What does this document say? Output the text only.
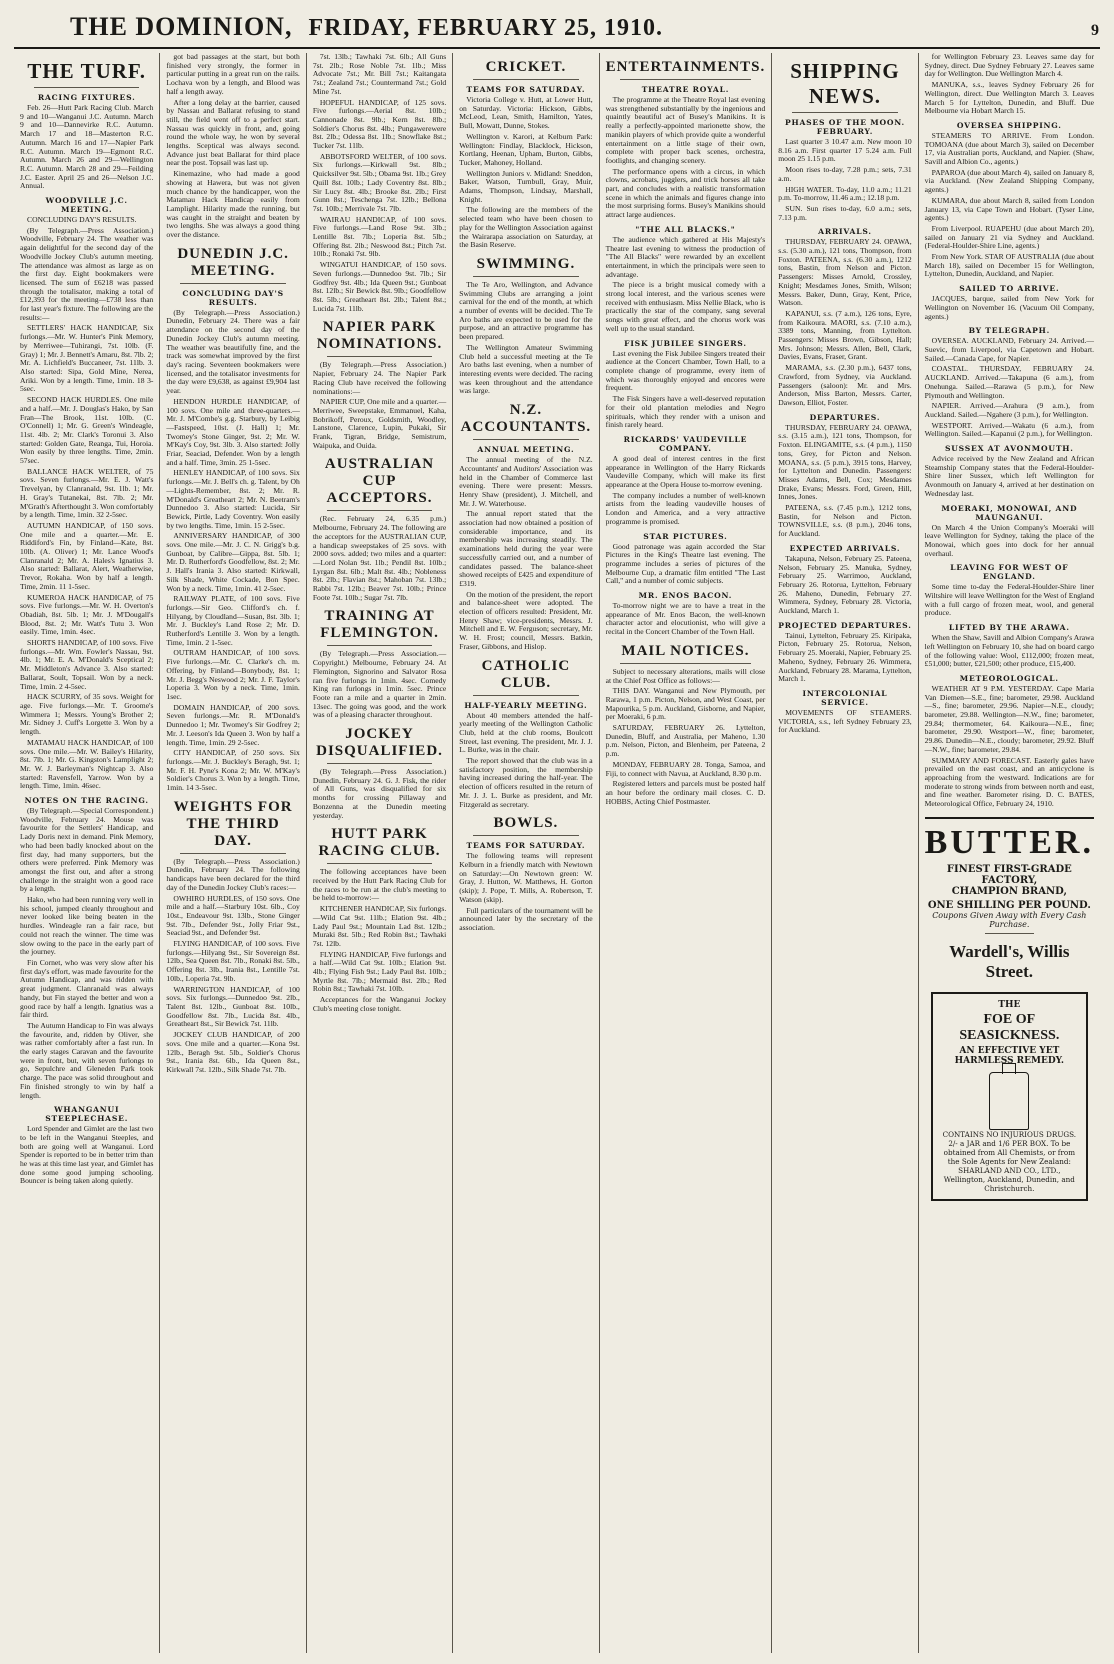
THE DOMINION, FRIDAY, FEBRUARY 25, 1910.	9
THE TURF.
RACING FIXTURES.

Feb. 26—Hutt Park Racing Club. March 9 and 10—Wanganui J.C. Autumn. March 9 and 10—Dannevirke R.C. Autumn. March 17 and 18—Masterton R.C. Autumn. March 16 and 17—Napier Park R.C. Autumn. March 19—Egmont R.C. Autumn. March 26 and 29—Wellington R.C. Autumn. March 28 and 29—Feilding J.C. Easter. April 25 and 26—Nelson J.C. Annual.

WOODVILLE J.C. MEETING.

CONCLUDING DAY'S RESULTS.

(By Telegraph.—Press Association.) Woodville, February 24. The weather was again delightful for the second day of the Woodville Jockey Club's autumn meeting. The attendance was almost as large as on the first day. Eight bookmakers were licensed. The sum of £6218 was passed through the totalisator, making a total of £12,393 for the meeting—£738 less than for last year's fixture. The following are the results:—

SETTLERS' HACK HANDICAP, Six furlongs.—Mr. W. Hunter's Pink Memory, by Merriwee—Tuhirangi, 7st. 10lb. (F. Gray) 1; Mr. J. Bennett's Amaru, 8st. 7lb. 2; Mr. A. Lichfield's Buccaneer, 7st. 11lb. 3. Also started: Sipa, Gold Mine, Nerea, Ariki. Won by a length. Time, 1min. 18 3-5sec.

SECOND HACK HURDLES. One mile and a half.—Mr. J. Douglas's Hako, by San Fran—The Brook, 11st. 10lb. (C. O'Connell) 1; Mr. G. Green's Windeagle, 11st. 4lb. 2; Mr. Clark's Toronui 3. Also started: Golden Gate, Reanga, Tui, Horoia. Won easily by three lengths. Time, 2min. 57sec.

BALLANCE HACK WELTER, of 75 sovs. Seven furlongs.—Mr. E. J. Watt's Trevelyan, by Clanranald, 9st. 1lb. 1; Mr. H. Gray's Tutanekai, 8st. 7lb. 2; Mr. M'Grath's Afterthought 3. Won comfortably by a length. Time, 1min. 32 2-5sec.

AUTUMN HANDICAP, of 150 sovs. One mile and a quarter.—Mr. E. Riddiford's Fin, by Finland—Kate, 8st. 10lb. (A. Oliver) 1; Mr. Lance Wood's Clanranald 2; Mr. A. Hales's Ignatius 3. Also started: Ballarat, Alert, Weatherwise, Trevor, Rokaha. Won by half a length. Time, 2min. 11 1-5sec.

KUMEROA HACK HANDICAP, of 75 sovs. Five furlongs.—Mr. W. H. Overton's Obadiah, 8st. 5lb. 1; Mr. J. M'Dougall's Blood, 8st. 2; Mr. Watt's Tutu 3. Won easily. Time, 1min. 4sec.

SHORTS HANDICAP, of 100 sovs. Five furlongs.—Mr. Wm. Fowler's Nassau, 9st. 4lb. 1; Mr. E. A. M'Donald's Sceptical 2; Mr. Middleton's Advance 3. Also started: Ballarat, Soult, Topsail. Won by a neck. Time, 1min. 2 4-5sec.

HACK SCURRY, of 35 sovs. Weight for age. Five furlongs.—Mr. T. Groome's Wimmera 1; Messrs. Young's Brother 2; Mr. Sidney J. Cuff's Lorgette 3. Won by a length.

MATAMAU HACK HANDICAP, of 100 sovs. One mile.—Mr. W. Bailey's Hilarity, 8st. 7lb. 1; Mr. G. Kingston's Lamplight 2; Mr. W. J. Barleyman's Nightcap 3. Also started: Ravensfell, Yarrow. Won by a length. Time, 1min. 46sec.

NOTES ON THE RACING.

(By Telegraph.—Special Correspondent.) Woodville, February 24. Mouse was favourite for the Settlers' Handicap, and Lady Doris next in demand. Pink Memory, who had been badly knocked about on the first day, had many supporters, but the others were preferred. Pink Memory was amongst the first out, and after a strong challenge in the straight won a good race by a length.

Hako, who had been running very well in his school, jumped cleanly throughout and never looked like being beaten in the hurdles. Windeagle ran a fair race, but could not reach the winner. The time was slow owing to the pace in the early part of the journey.

Fin Cornet, who was very slow after his first day's effort, was made favourite for the Autumn Handicap, and was ridden with great judgment. Clanranald was always handy, but Fin stayed the better and won a good race by half a length. Ignatius was a fair third.

The Autumn Handicap to Fin was always the favourite, and, ridden by Oliver, she was rather comfortably after a fast run. In the early stages Caravan and the favourite were in front, but, with seven furlongs to go, Sepulchre and Gleneden Park took charge. The pace was solid throughout and Fin finished strongly to win by half a length.

WHANGANUI STEEPLECHASE.

Lord Spender and Gimlet are the last two to be left in the Wanganui Steeples, and both are going well at Wanganui. Lord Spender is reported to be in better trim than he was at this time last year, and Gimlet has done some good jumping schooling. Bouncer is being taken along quietly.

got bad passages at the start, but both finished very strongly, the former in particular putting in a great run on the rails. Lochava won by a length, and Blood was half a length away.

After a long delay at the barrier, caused by Nassau and Ballarat refusing to stand still, the field went off to a perfect start. Nassau was quickly in front, and, going round the whole way, he won by several lengths. Sceptical was always second. Advance just beat Ballarat for third place near the post. Topsail was last up.

Kinemazine, who had made a good showing at Hawera, but was not given much chance by the handicapper, won the Matamau Hack Handicap easily from Lamplight. Hilarity made the running, but was caught in the straight and beaten by two lengths. She was always a good thing over the distance.

DUNEDIN J.C. MEETING.
CONCLUDING DAY'S RESULTS.

(By Telegraph.—Press Association.) Dunedin, February 24. There was a fair attendance on the second day of the Dunedin Jockey Club's autumn meeting. The weather was beautifully fine, and the track was somewhat improved by the first day's racing. Seventeen bookmakers were licensed, and the totalisator investments for the day were £9,638, as against £9,904 last year.

HENDON HURDLE HANDICAP, of 100 sovs. One mile and three-quarters.—Mr. J. M'Combe's g.g. Starbury, by Leibig—Fastspeed, 10st. (J. Hall) 1; Mr. Twomey's Stone Ginger, 9st. 2; Mr. W. M'Kay's Coy, 9st. 3lb. 3. Also started: Jolly Friar, Seaciad, Defender. Won by a length and a half. Time, 3min. 25 1-5sec.

HENLEY HANDICAP, of 100 sovs. Six furlongs.—Mr. J. Bell's ch. g. Talent, by Oh—Lights-Remember, 8st. 2; Mr. R. M'Donald's Greatheart 2; Mr. N. Beetram's Dunnedoo 3. Also started: Lucida, Sir Bewick, Pirtle, Lady Coventry. Won easily by two lengths. Time, 1min. 15 2-5sec.

ANNIVERSARY HANDICAP, of 300 sovs. One mile.—Mr. J. C. N. Grigg's b.g. Gunboat, by Calibre—Gippa, 8st. 5lb. 1; Mr. D. Rutherford's Goodfellow, 8st. 2; Mr. J. Hall's Irania 3. Also started: Kirkwall, Silk Shade, White Cockade, Bon Spec. Won by a neck. Time, 1min. 41 2-5sec.

RAILWAY PLATE, of 100 sovs. Five furlongs.—Sir Geo. Clifford's ch. f. Hilyang, by Cloudland—Susan, 8st. 3lb. 1; Mr. J. Buckley's Land Rose 2; Mr. D. Rutherford's Lentille 3. Won by a length. Time, 1min. 2 1-5sec.

OUTRAM HANDICAP, of 100 sovs. Five furlongs.—Mr. C. Clarke's ch. m. Offering, by Finland—Bonybody, 8st. 1; Mr. J. Begg's Neswood 2; Mr. J. F. Taylor's Loperia 3. Won by a neck. Time, 1min. 1sec.

DOMAIN HANDICAP, of 200 sovs. Seven furlongs.—Mr. R. M'Donald's Dunnedoo 1; Mr. Twomey's Sir Godfrey 2; Mr. J. Leeson's Ida Queen 3. Won by half a length. Time, 1min. 29 2-5sec.

CITY HANDICAP, of 250 sovs. Six furlongs.—Mr. J. Buckley's Beragh, 9st. 1; Mr. F. H. Pyne's Kona 2; Mr. W. M'Kay's Soldier's Chorus 3. Won by a length. Time, 1min. 14 3-5sec.

WEIGHTS FOR THE THIRD DAY.

(By Telegraph.—Press Association.) Dunedin, February 24. The following handicaps have been declared for the third day of the Dunedin Jockey Club's races:—

OWHIRO HURDLES, of 150 sovs. One mile and a half.—Starbury 10st. 6lb., Coy 10st., Endeavour 9st. 13lb., Stone Ginger 9st. 7lb., Defender 9st., Jolly Friar 9st., Seaciad 9st., and Defender 9st.

FLYING HANDICAP, of 100 sovs. Five furlongs.—Hilyang 9st., Sir Sovereign 8st. 12lb., Sea Queen 8st. 7lb., Ronaki 8st. 5lb., Offering 8st. 3lb., Irania 8st., Lentille 7st. 10lb., Loperia 7st. 9lb.

WARRINGTON HANDICAP, of 100 sovs. Six furlongs.—Dunnedoo 9st. 2lb., Talent 8st. 12lb., Gunboat 8st. 10lb., Goodfellow 8st. 7lb., Lucida 8st. 4lb., Greatheart 8st., Sir Bewick 7st. 11lb.

JOCKEY CLUB HANDICAP, of 200 sovs. One mile and a quarter.—Kona 9st. 12lb., Beragh 9st. 5lb., Soldier's Chorus 9st., Irania 8st. 6lb., Ida Queen 8st., Kirkwall 7st. 12lb., Silk Shade 7st. 7lb.

7st. 13lb.; Tawhaki 7st. 6lb.; All Guns 7st. 2lb.; Rose Noble 7st. 1lb.; Miss Advocate 7st.; Mr. Bill 7st.; Kaitangata 7st.; Zealand 7st.; Countermand 7st.; Gold Mine 7st.

HOPEFUL HANDICAP, of 125 sovs. Five furlongs.—Aerial 8st. 10lb.; Cannonade 8st. 9lb.; Kern 8st. 8lb.; Soldier's Chorus 8st. 4lb.; Pungawerewere 8st. 2lb.; Odessa 8st. 1lb.; Snowflake 8st.; Tucker 7st. 11lb.

ABBOTSFORD WELTER, of 100 sovs. Six furlongs.—Kirkwall 9st. 8lb.; Quicksilver 9st. 5lb.; Obama 9st. 1lb.; Grey Quill 8st. 10lb.; Lady Coventry 8st. 8lb.; Sir Lucy 8st. 4lb.; Brooke 8st. 2lb.; First Gunn 8st.; Teschenga 7st. 12lb.; Bellona 7st. 10lb.; Merrivale 7st. 7lb.

WAIRAU HANDICAP, of 100 sovs. Five furlongs.—Land Rose 9st. 3lb.; Lentille 8st. 7lb.; Loperia 8st. 5lb.; Offering 8st. 2lb.; Neswood 8st.; Pitch 7st. 10lb.; Ronaki 7st. 9lb.

WINGATUI HANDICAP, of 150 sovs. Seven furlongs.—Dunnedoo 9st. 7lb.; Sir Godfrey 9st. 4lb.; Ida Queen 9st.; Gunboat 8st. 12lb.; Sir Bewick 8st. 9lb.; Goodfellow 8st. 5lb.; Greatheart 8st. 2lb.; Talent 8st.; Lucida 7st. 11lb.

NAPIER PARK NOMINATIONS.

(By Telegraph.—Press Association.) Napier, February 24. The Napier Park Racing Club have received the following nominations:—

NAPIER CUP, One mile and a quarter.—Merriwee, Sweepstake, Emmanuel, Kaha, Bobrikoff, Peroux, Goldsmith, Woodley, Lanstone, Clarence, Lupin, Pukaki, Sir Frank, Tigran, Bridge, Semistrum, Waipuka, and Ouida.

AUSTRALIAN CUP ACCEPTORS.

(Rec. February 24, 6.35 p.m.) Melbourne, February 24. The following are the acceptors for the AUSTRALIAN CUP, a handicap sweepstakes of 25 sovs. with 2000 sovs. added; two miles and a quarter:—Lord Nolan 9st. 1lb.; Pendil 8st. 10lb.; Lyrgan 8st. 6lb.; Malt 8st. 4lb.; Nobleness 8st. 2lb.; Flavian 8st.; Mahoban 7st. 13lb.; Rabbi 7st. 12lb.; Beaver 7st. 10lb.; Prince Foote 7st. 10lb.; Sugar 7st. 7lb.

TRAINING AT FLEMINGTON.

(By Telegraph.—Press Association.—Copyright.) Melbourne, February 24. At Flemington, Signorino and Salvator Rosa ran five furlongs in 1min. 4sec. Comedy King ran furlongs in 1min. 5sec. Prince Foote ran a mile and a quarter in 2min. 13sec. The going was good, and the work was of a pleasing character throughout.

JOCKEY DISQUALIFIED.

(By Telegraph.—Press Association.) Dunedin, February 24. G. J. Fisk, the rider of All Guns, was disqualified for six months for crossing Pillaway and Bonzenna at the Dunedin meeting yesterday.

HUTT PARK RACING CLUB.

The following acceptances have been received by the Hutt Park Racing Club for the races to be run at the club's meeting to be held to-morrow:—

KITCHENER HANDICAP, Six furlongs.—Wild Cat 9st. 11lb.; Elation 9st. 4lb.; Lady Paul 9st.; Mountain Lad 8st. 12lb.; Muraki 8st. 5lb.; Red Robin 8st.; Tawhaki 7st. 12lb.

FLYING HANDICAP, Five furlongs and a half.—Wild Cat 9st. 10lb.; Elation 9st. 4lb.; Flying Fish 9st.; Lady Paul 8st. 10lb.; Myrtle 8st. 7lb.; Mermaid 8st. 2lb.; Red Robin 8st.; Tawhaki 7st. 10lb.

Acceptances for the Wanganui Jockey Club's meeting close tonight.

CRICKET.
TEAMS FOR SATURDAY.

Victoria College v. Hutt, at Lower Hutt, on Saturday. Victoria: Hickson, Gibbs, McLeod, Lean, Smith, Hamilton, Yates, Bull, Mowatt, Dunne, Stokes.

Wellington v. Karori, at Kelburn Park: Wellington: Findlay, Blacklock, Hickson, Kortlang, Heenan, Upham, Burton, Gibbs, Tucker, Mahoney, Holland.

Wellington Juniors v. Midland: Sneddon, Baker, Watson, Turnbull, Gray, Muir, Adams, Thompson, Lindsay, Marshall, Knight.

The following are the members of the selected team who have been chosen to play for the Wellington Association against the Wairarapa association on Saturday, at the Basin Reserve.

SWIMMING.

The Te Aro, Wellington, and Advance Swimming Clubs are arranging a joint carnival for the end of the month, at which a number of events will be decided. The Te Aro baths are expected to be used for the purpose, and an attractive programme has been prepared.

The Wellington Amateur Swimming Club held a successful meeting at the Te Aro baths last evening, when a number of interesting events were decided. The racing was keen throughout and the attendance was large.

N.Z. ACCOUNTANTS.
ANNUAL MEETING.

The annual meeting of the N.Z. Accountants' and Auditors' Association was held in the Chamber of Commerce last evening. There were present: Messrs. Henry Shaw (president), J. Mitchell, and Mr. J. W. Waterhouse.

The annual report stated that the association had now obtained a position of considerable importance, and its membership was increasing steadily. The examinations held during the year were successfully carried out, and a number of candidates passed. The balance-sheet showed receipts of £425 and expenditure of £319.

On the motion of the president, the report and balance-sheet were adopted. The election of officers resulted: President, Mr. Henry Shaw; vice-presidents, Messrs. J. Mitchell and E. W. Ferguson; secretary, Mr. W. H. Frost; council, Messrs. Batkin, Fraser, Gibbons, and Hislop.

CATHOLIC CLUB.
HALF-YEARLY MEETING.

About 40 members attended the half-yearly meeting of the Wellington Catholic Club, held at the club rooms, Boulcott Street, last evening. The president, Mr. J. J. L. Burke, was in the chair.

The report showed that the club was in a satisfactory position, the membership having increased during the half-year. The election of officers resulted in the return of Mr. J. J. L. Burke as president, and Mr. Fitzgerald as secretary.

BOWLS.
TEAMS FOR SATURDAY.

The following teams will represent Kelburn in a friendly match with Newtown on Saturday:—On Newtown green: W. Gray, J. Hutton, W. Matthews, H. Gorton (skip); J. Pope, T. Mills, A. Robertson, T. Watson (skip).

Full particulars of the tournament will be announced later by the secretary of the association.

ENTERTAINMENTS.
THEATRE ROYAL.

The programme at the Theatre Royal last evening was strengthened substantially by the ingenious and quaintly beautiful act of Busey's Manikins. It is really a perfectly-appointed marionette show, the manikin players of which provide quite a wonderful entertainment on a little stage of their own, complete with proper back scenes, orchestra, footlights, and changing scenery.

The performance opens with a circus, in which clowns, acrobats, jugglers, and trick horses all take part, and concludes with a realistic transformation scene in which the animals and figures change into the most surprising forms. Busey's Manikins should attract large audiences.

"THE ALL BLACKS."

The audience which gathered at His Majesty's Theatre last evening to witness the production of "The All Blacks" were rewarded by an excellent entertainment, in which the principals were seen to advantage.

The piece is a bright musical comedy with a strong local interest, and the various scenes were received with enthusiasm. Miss Nellie Black, who is practically the star of the company, sang several songs with great effect, and the chorus work was well up to the usual standard.

FISK JUBILEE SINGERS.

Last evening the Fisk Jubilee Singers treated their audience at the Concert Chamber, Town Hall, to a complete change of programme, every item of which was thoroughly enjoyed and encores were frequent.

The Fisk Singers have a well-deserved reputation for their old plantation melodies and Negro spirituals, which they render with a unison and finish rarely heard.

RICKARDS' VAUDEVILLE COMPANY.

A good deal of interest centres in the first appearance in Wellington of the Harry Rickards Vaudeville Company, which will make its first appearance at the Opera House to-morrow evening.

The company includes a number of well-known artists from the leading vaudeville houses of London and America, and a very attractive programme is promised.

STAR PICTURES.

Good patronage was again accorded the Star Pictures in the King's Theatre last evening. The programme includes a series of pictures of the Melbourne Cup, a dramatic film entitled "The Last Call," and a number of comic subjects.

MR. ENOS BACON.

To-morrow night we are to have a treat in the appearance of Mr. Enos Bacon, the well-known character actor and elocutionist, who will give a recital in the Concert Chamber of the Town Hall.

MAIL NOTICES.

Subject to necessary alterations, mails will close at the Chief Post Office as follows:—

THIS DAY. Wanganui and New Plymouth, per Rarawa, 1 p.m. Picton, Nelson, and West Coast, per Mapourika, 5 p.m. Auckland, Gisborne, and Napier, per Moeraki, 6 p.m.

SATURDAY, FEBRUARY 26. Lyttelton, Dunedin, Bluff, and Australia, per Maheno, 1.30 p.m. Nelson, Picton, and Blenheim, per Pateena, 2 p.m.

MONDAY, FEBRUARY 28. Tonga, Samoa, and Fiji, to connect with Navua, at Auckland, 8.30 p.m.

Registered letters and parcels must be posted half an hour before the ordinary mail closes. C. D. HOBBS, Acting Chief Postmaster.

SHIPPING NEWS.
PHASES OF THE MOON. FEBRUARY.

Last quarter 3 10.47 a.m. New moon 10 8.16 a.m. First quarter 17 5.24 a.m. Full moon 25 1.15 p.m.

Moon rises to-day, 7.28 p.m.; sets, 7.31 a.m.

HIGH WATER. To-day, 11.0 a.m.; 11.21 p.m. To-morrow, 11.46 a.m.; 12.18 p.m.

SUN. Sun rises to-day, 6.0 a.m.; sets, 7.13 p.m.

ARRIVALS.

THURSDAY, FEBRUARY 24. OPAWA, s.s. (5.30 a.m.), 121 tons, Thompson, from Foxton. PATEENA, s.s. (6.30 a.m.), 1212 tons, Bastin, from Nelson and Picton. Passengers: Misses Arnold, Crossley, Knight; Mesdames Jones, Smith, Wilson; Messrs. Baker, Dunn, Gray, Kent, Price, Watson.

KAPANUI, s.s. (7 a.m.), 126 tons, Eyre, from Kaikoura. MAORI, s.s. (7.10 a.m.), 3389 tons, Manning, from Lyttelton. Passengers: Misses Brown, Gibson, Hall; Mrs. Johnson; Messrs. Allen, Bell, Clark, Davies, Evans, Fraser, Grant.

MARAMA, s.s. (2.30 p.m.), 6437 tons, Crawford, from Sydney, via Auckland. Passengers (saloon): Mr. and Mrs. Anderson, Miss Barton, Messrs. Carter, Dawson, Elliot, Foster.

DEPARTURES.

THURSDAY, FEBRUARY 24. OPAWA, s.s. (3.15 a.m.), 121 tons, Thompson, for Foxton. ELINGAMITE, s.s. (4 p.m.), 1150 tons, Grey, for Picton and Nelson. MOANA, s.s. (5 p.m.), 3915 tons, Harvey, for Lyttelton and Dunedin. Passengers: Misses Adams, Bell, Cox; Mesdames Drake, Evans; Messrs. Ford, Green, Hill, Innes, Jones.

PATEENA, s.s. (7.45 p.m.), 1212 tons, Bastin, for Nelson and Picton. TOWNSVILLE, s.s. (8 p.m.), 2046 tons, for Auckland.

EXPECTED ARRIVALS.

Takapuna, Nelson, February 25. Pateena, Nelson, February 25. Manuka, Sydney, February 25. Warrimoo, Auckland, February 26. Rotorua, Lyttelton, February 26. Maheno, Dunedin, February 27. Wimmera, Sydney, February 28. Victoria, Auckland, March 1.

PROJECTED DEPARTURES.

Tainui, Lyttelton, February 25. Kiripaka, Picton, February 25. Rotorua, Nelson, February 25. Moeraki, Napier, February 25. Maheno, Sydney, February 26. Wimmera, Auckland, February 28. Marama, Lyttelton, March 1.

INTERCOLONIAL SERVICE.

MOVEMENTS OF STEAMERS. VICTORIA, s.s., left Sydney February 23, for Auckland.

for Wellington February 23. Leaves same day for Sydney, direct. Due Sydney February 27. Leaves same day for Wellington. Due Wellington March 4.

MANUKA, s.s., leaves Sydney February 26 for Wellington, direct. Due Wellington March 3. Leaves March 5 for Lyttelton, Dunedin, and Bluff. Due Melbourne via Hobart March 15.

OVERSEA SHIPPING.

STEAMERS TO ARRIVE. From London. TOMOANA (due about March 3), sailed on December 17, via Australian ports, Auckland, and Napier. (Shaw, Savill and Albion Co., agents.)

PAPAROA (due about March 4), sailed on January 8, via Auckland. (New Zealand Shipping Company, agents.)

KUMARA, due about March 8, sailed from London January 13, via Cape Town and Hobart. (Tyser Line, agents.)

From Liverpool. RUAPEHU (due about March 20), sailed on January 21 via Sydney and Auckland. (Federal-Houlder-Shire Line, agents.)

From New York. STAR OF AUSTRALIA (due about March 18), sailed on December 15 for Wellington, Lyttelton, Dunedin, Auckland, and Napier.

SAILED TO ARRIVE.

JACQUES, barque, sailed from New York for Wellington on November 16. (Vacuum Oil Company, agents.)

BY TELEGRAPH.

OVERSEA. AUCKLAND, February 24. Arrived.—Suevic, from Liverpool, via Capetown and Hobart. Sailed.—Canada Cape, for Napier.

COASTAL. THURSDAY, FEBRUARY 24. AUCKLAND. Arrived.—Takapuna (6 a.m.), from Onehunga. Sailed.—Rarawa (5 p.m.), for New Plymouth and Wellington.

NAPIER. Arrived.—Arahura (9 a.m.), from Auckland. Sailed.—Ngahere (3 p.m.), for Wellington.

WESTPORT. Arrived.—Wakatu (6 a.m.), from Wellington. Sailed.—Kapanui (2 p.m.), for Wellington.

SUSSEX AT AVONMOUTH.

Advice received by the New Zealand and African Steamship Company states that the Federal-Houlder-Shire liner Sussex, which left Wellington for Avonmouth on January 4, arrived at her destination on Wednesday last.

MOERAKI, MONOWAI, AND MAUNGANUI.

On March 4 the Union Company's Moeraki will leave Wellington for Sydney, taking the place of the Monowai, which goes into dock for her annual overhaul.

LEAVING FOR WEST OF ENGLAND.

Some time to-day the Federal-Houlder-Shire liner Wiltshire will leave Wellington for the West of England with a full cargo of frozen meat, wool, and general produce.

LIFTED BY THE ARAWA.

When the Shaw, Savill and Albion Company's Arawa left Wellington on February 10, she had on board cargo of the following value: Wool, £112,000; frozen meat, £51,000; butter, £21,500; other produce, £15,400.

METEOROLOGICAL.

WEATHER AT 9 P.M. YESTERDAY. Cape Maria Van Diemen—S.E., fine; barometer, 29.98. Auckland—S., fine; barometer, 29.96. Napier—N.E., cloudy; barometer, 29.88. Wellington—N.W., fine; barometer, 29.84; thermometer, 64. Kaikoura—N.E., fine; barometer, 29.90. Westport—W., fine; barometer, 29.86. Dunedin—N.E., cloudy; barometer, 29.92. Bluff—N.W., fine; barometer, 29.84.

SUMMARY AND FORECAST. Easterly gales have prevailed on the east coast, and an anticyclone is approaching from the westward. Indications are for moderate to strong winds from between north and east, and fine weather. Barometer rising. D. C. BATES, Meteorological Office, February 24, 1910.

BUTTER.
FINEST FIRST-GRADE FACTORY,
CHAMPION BRAND,
ONE SHILLING PER POUND.
Coupons Given Away with Every Cash Purchase.
Wardell's, Willis Street.
THE
FOE OF SEASICKNESS.
AN EFFECTIVE YET HARMLESS REMEDY.
CONTAINS NO INJURIOUS DRUGS. 2/- a JAR and 1/6 PER BOX. To be obtained from All Chemists, or from the Sole Agents for New Zealand: SHARLAND AND CO., LTD., Wellington, Auckland, Dunedin, and Christchurch.
